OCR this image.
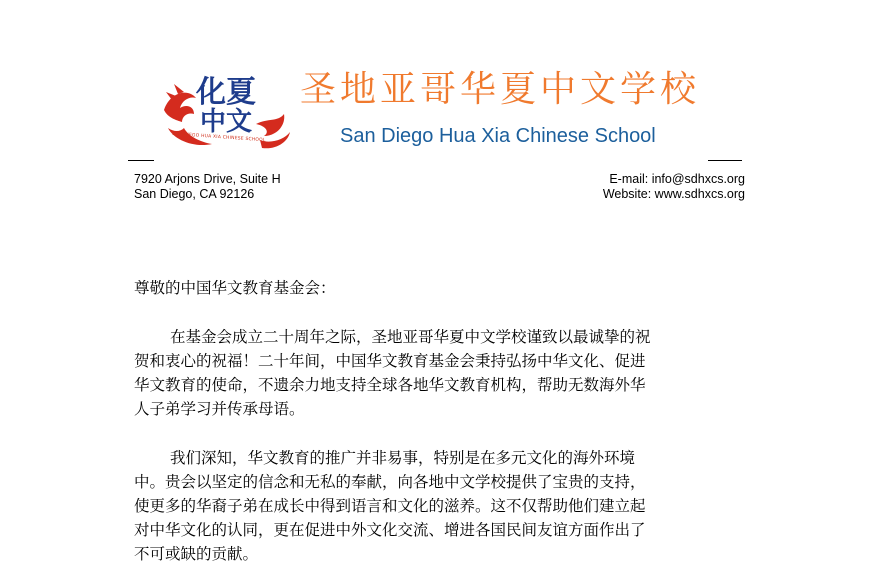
化夏
中文
SAN DIEGO HUA XIA CHINESE SCHOOL
圣地亚哥华夏中文学校
San Diego Hua Xia Chinese School
7920 Arjons Drive, Suite H
San Diego, CA 92126
E-mail: info@sdhxcs.org
Website: www.sdhxcs.org

尊敬的中国华文教育基金会：

在基金会成立二十周年之际，圣地亚哥华夏中文学校谨致以最诚挚的祝
贺和衷心的祝福！二十年间，中国华文教育基金会秉持弘扬中华文化、促进
华文教育的使命，不遗余力地支持全球各地华文教育机构，帮助无数海外华
人子弟学习并传承母语。

我们深知，华文教育的推广并非易事，特别是在多元文化的海外环境
中。贵会以坚定的信念和无私的奉献，向各地中文学校提供了宝贵的支持，
使更多的华裔子弟在成长中得到语言和文化的滋养。这不仅帮助他们建立起
对中华文化的认同，更在促进中外文化交流、增进各国民间友谊方面作出了
不可或缺的贡献。
